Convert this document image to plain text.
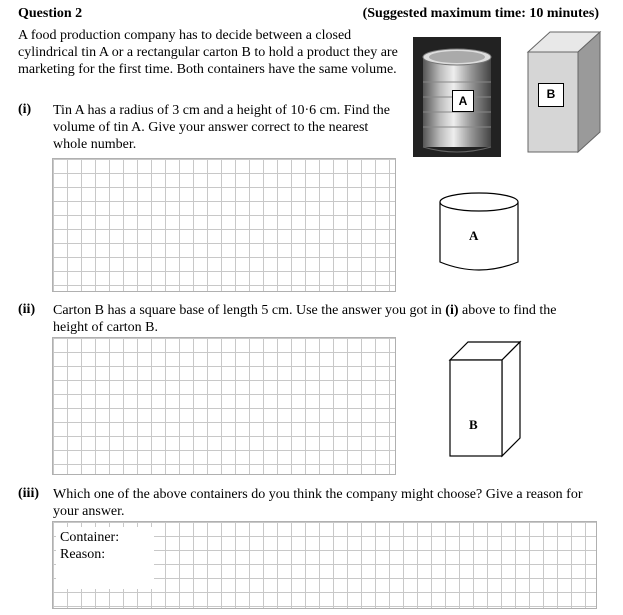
Question 2	(Suggested maximum time: 10 minutes)
A food production company has to decide between a closed cylindrical tin A or a rectangular carton B to hold a product they are marketing for the first time. Both containers have the same volume.
A	B
(i) Tin A has a radius of 3 cm and a height of 10·6 cm. Find the volume of tin A. Give your answer correct to the nearest whole number.
A
(ii) Carton B has a square base of length 5 cm. Use the answer you got in (i) above to find the height of carton B.
B
(iii) Which one of the above containers do you think the company might choose? Give a reason for your answer.
Container:
Reason:
